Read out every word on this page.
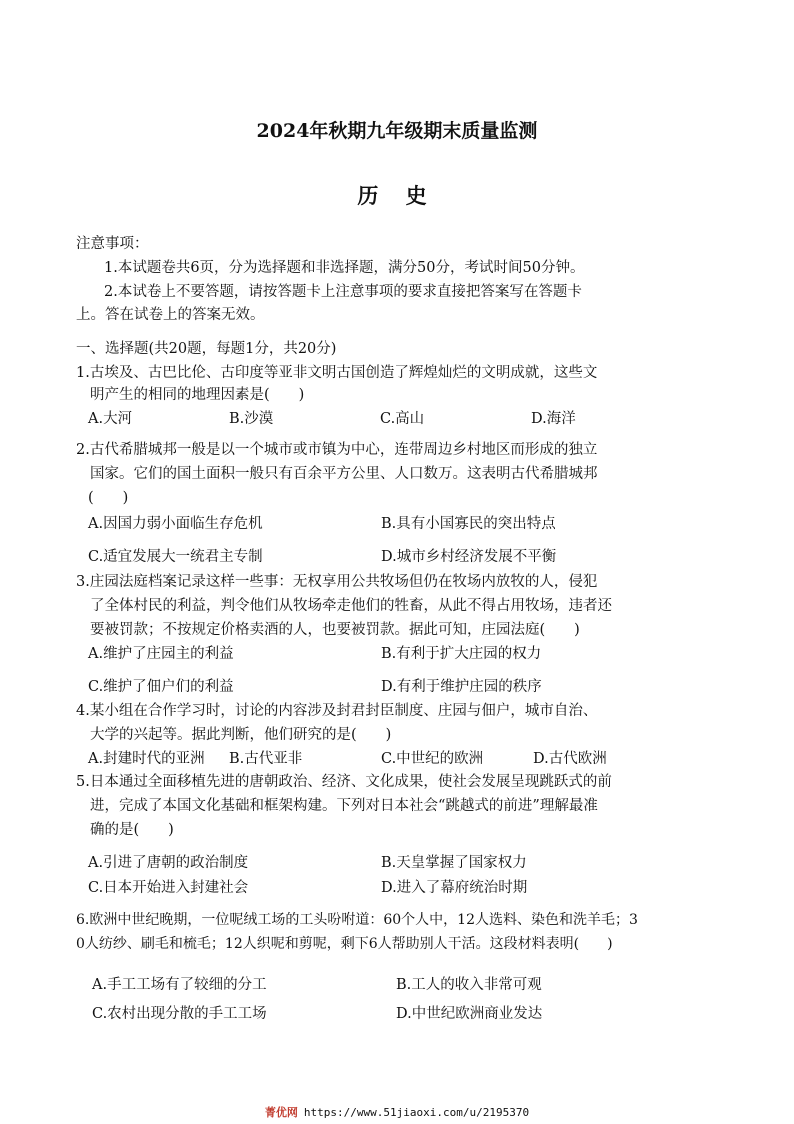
2024年秋期九年级期末质量监测
历 史
注意事项：
1.本试题卷共6页，分为选择题和非选择题，满分50分，考试时间50分钟。
2.本试卷上不要答题，请按答题卡上注意事项的要求直接把答案写在答题卡
上。答在试卷上的答案无效。
一、选择题(共20题，每题1分，共20分)
1.古埃及、古巴比伦、古印度等亚非文明古国创造了辉煌灿烂的文明成就，这些文
明产生的相同的地理因素是(　　)
A.大河	B.沙漠	C.高山	D.海洋
2.古代希腊城邦一般是以一个城市或市镇为中心，连带周边乡村地区而形成的独立
国家。它们的国土面积一般只有百余平方公里、人口数万。这表明古代希腊城邦
(　　)
A.因国力弱小面临生存危机	B.具有小国寡民的突出特点
C.适宜发展大一统君主专制	D.城市乡村经济发展不平衡
3.庄园法庭档案记录这样一些事：无权享用公共牧场但仍在牧场内放牧的人，侵犯
了全体村民的利益，判令他们从牧场牵走他们的牲畜，从此不得占用牧场，违者还
要被罚款；不按规定价格卖酒的人，也要被罚款。据此可知，庄园法庭(　　)
A.维护了庄园主的利益	B.有利于扩大庄园的权力
C.维护了佃户们的利益	D.有利于维护庄园的秩序
4.某小组在合作学习时，讨论的内容涉及封君封臣制度、庄园与佃户，城市自治、
大学的兴起等。据此判断，他们研究的是(　　)
A.封建时代的亚洲 B.古代亚非	C.中世纪的欧洲	D.古代欧洲
5.日本通过全面移植先进的唐朝政治、经济、文化成果，使社会发展呈现跳跃式的前
进，完成了本国文化基础和框架构建。下列对日本社会“跳越式的前进”理解最准
确的是(　　)
A.引进了唐朝的政治制度	B.天皇掌握了国家权力
C.日本开始进入封建社会	D.进入了幕府统治时期
6.欧洲中世纪晚期，一位呢绒工场的工头吩咐道：60个人中，12人选料、染色和洗羊毛；3
0人纺纱、刷毛和梳毛；12人织呢和剪呢，剩下6人帮助别人干活。这段材料表明(　　)
A.手工工场有了较细的分工	B.工人的收入非常可观
C.农村出现分散的手工工场	D.中世纪欧洲商业发达
菁优网 https://www.51jiaoxi.com/u/2195370
